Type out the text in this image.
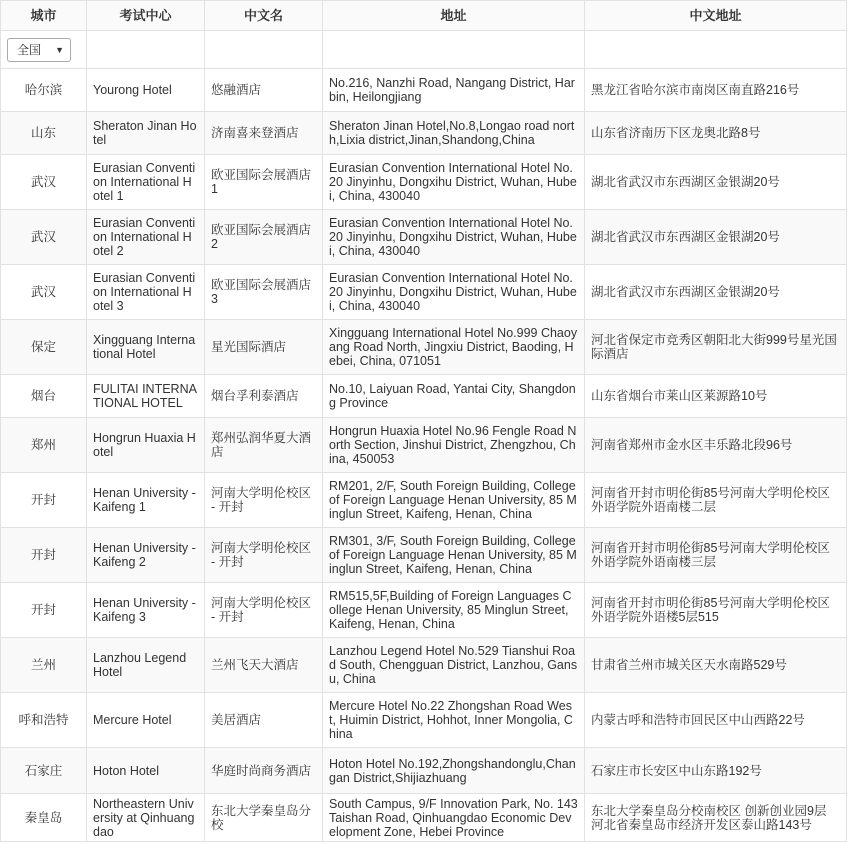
城市	考试中心	中文名	地址	中文地址
全国 ▼				

哈尔滨	Yourong Hotel	悠融酒店	No.216, Nanzhi Road, Nangang District, Harbin, Heilongjiang	黑龙江省哈尔滨市南岗区南直路216号
山东	Sheraton Jinan Hotel	济南喜来登酒店	Sheraton Jinan Hotel,No.8,Longao road north,Lixia district,Jinan,Shandong,China	山东省济南历下区龙奥北路8号
武汉	Eurasian Convention International Hotel 1	欧亚国际会展酒店1	Eurasian Convention International Hotel No. 20 Jinyinhu, Dongxihu District, Wuhan, Hubei, China, 430040	湖北省武汉市东西湖区金银湖20号
武汉	Eurasian Convention International Hotel 2	欧亚国际会展酒店2	Eurasian Convention International Hotel No. 20 Jinyinhu, Dongxihu District, Wuhan, Hubei, China, 430040	湖北省武汉市东西湖区金银湖20号
武汉	Eurasian Convention International Hotel 3	欧亚国际会展酒店3	Eurasian Convention International Hotel No. 20 Jinyinhu, Dongxihu District, Wuhan, Hubei, China, 430040	湖北省武汉市东西湖区金银湖20号
保定	Xingguang International Hotel	星光国际酒店	Xingguang International Hotel No.999 Chaoyang Road North, Jingxiu District, Baoding, Hebei, China, 071051	河北省保定市竞秀区朝阳北大街999号星光国际酒店
烟台	FULITAI INTERNATIONAL HOTEL	烟台孚利泰酒店	No.10, Laiyuan Road, Yantai City, Shangdong Province	山东省烟台市莱山区莱源路10号
郑州	Hongrun Huaxia Hotel	郑州弘润华夏大酒店	Hongrun Huaxia Hotel No.96 Fengle Road North Section, Jinshui District, Zhengzhou, China, 450053	河南省郑州市金水区丰乐路北段96号
开封	Henan University - Kaifeng 1	河南大学明伦校区 - 开封	RM201, 2/F, South Foreign Building, College of Foreign Language Henan University, 85 Minglun Street, Kaifeng, Henan, China	河南省开封市明伦街85号河南大学明伦校区外语学院外语南楼二层
开封	Henan University - Kaifeng 2	河南大学明伦校区 - 开封	RM301, 3/F, South Foreign Building, College of Foreign Language Henan University, 85 Minglun Street, Kaifeng, Henan, China	河南省开封市明伦街85号河南大学明伦校区外语学院外语南楼三层
开封	Henan University - Kaifeng 3	河南大学明伦校区 - 开封	RM515,5F,Building of Foreign Languages College Henan University, 85 Minglun Street, Kaifeng, Henan, China	河南省开封市明伦街85号河南大学明伦校区外语学院外语楼5层515
兰州	Lanzhou Legend Hotel	兰州飞天大酒店	Lanzhou Legend Hotel No.529 Tianshui Road South, Chengguan District, Lanzhou, Gansu, China	甘肃省兰州市城关区天水南路529号
呼和浩特	Mercure Hotel	美居酒店	Mercure Hotel No.22 Zhongshan Road West, Huimin District, Hohhot, Inner Mongolia, China	内蒙古呼和浩特市回民区中山西路22号
石家庄	Hoton Hotel	华庭时尚商务酒店	Hoton Hotel No.192,Zhongshandonglu,Changan District,Shijiazhuang	石家庄市长安区中山东路192号
秦皇岛	Northeastern University at Qinhuangdao	东北大学秦皇岛分校	South Campus, 9/F Innovation Park, No. 143 Taishan Road, Qinhuangdao Economic Development Zone, Hebei Province	东北大学秦皇岛分校南校区 创新创业园9层 河北省秦皇岛市经济开发区泰山路143号
